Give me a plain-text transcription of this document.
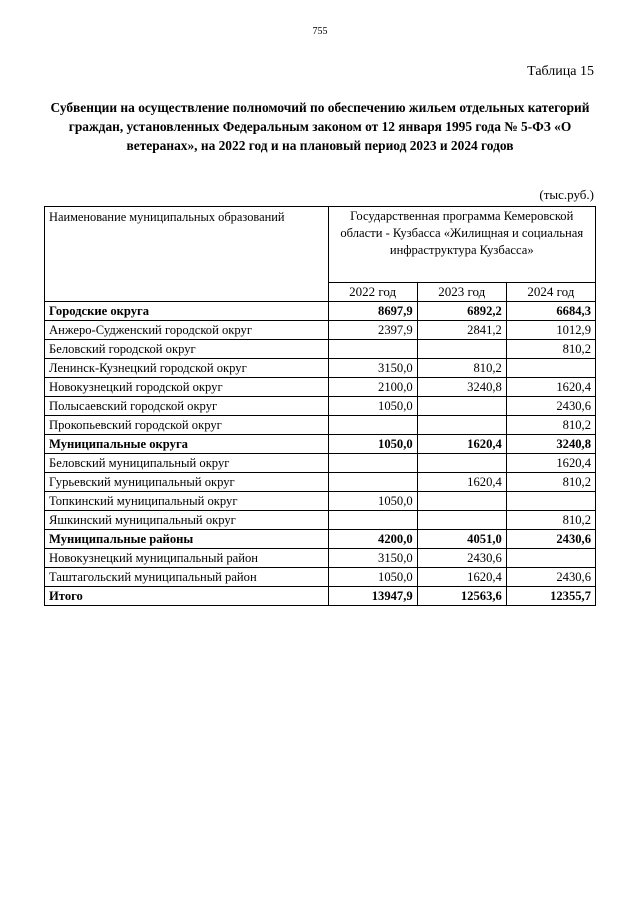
755
Таблица 15
Субвенции на осуществление полномочий по обеспечению жильем отдельных категорий граждан, установленных Федеральным законом от 12 января 1995 года № 5-ФЗ «О ветеранах», на 2022 год и на плановый период 2023 и 2024 годов
(тыс.руб.)
Наименование муниципальных образований	Государственная программа Кемеровской области - Кузбасса «Жилищная и социальная инфраструктура Кузбасса»		
	2022 год	2023 год	2024 год
Городские округа	8697,9	6892,2	6684,3
Анжеро-Судженский городской округ	2397,9	2841,2	1012,9
Беловский городской округ			810,2
Ленинск-Кузнецкий городской округ	3150,0	810,2	
Новокузнецкий городской округ	2100,0	3240,8	1620,4
Полысаевский городской округ	1050,0		2430,6
Прокопьевский городской округ			810,2
Муниципальные округа	1050,0	1620,4	3240,8
Беловский муниципальный округ			1620,4
Гурьевский муниципальный округ		1620,4	810,2
Топкинский муниципальный округ	1050,0		
Яшкинский муниципальный округ			810,2
Муниципальные районы	4200,0	4051,0	2430,6
Новокузнецкий муниципальный район	3150,0	2430,6	
Таштагольский муниципальный район	1050,0	1620,4	2430,6
Итого	13947,9	12563,6	12355,7
